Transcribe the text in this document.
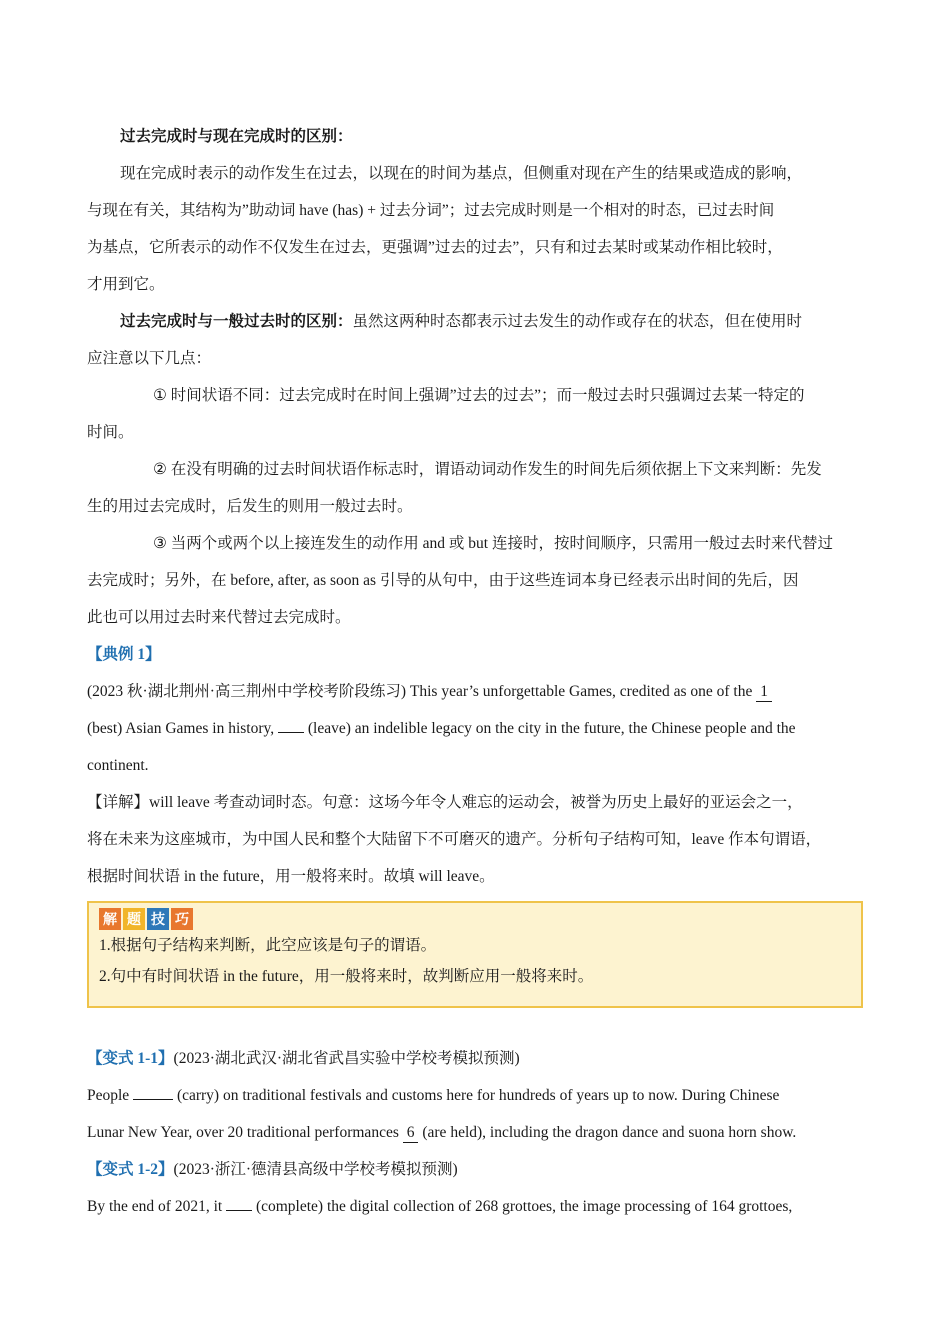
过去完成时与现在完成时的区别：

现在完成时表示的动作发生在过去，以现在的时间为基点，但侧重对现在产生的结果或造成的影响，

与现在有关，其结构为”助动词 have (has) + 过去分词”；过去完成时则是一个相对的时态，已过去时间

为基点，它所表示的动作不仅发生在过去，更强调”过去的过去”，只有和过去某时或某动作相比较时，

才用到它。

过去完成时与一般过去时的区别：虽然这两种时态都表示过去发生的动作或存在的状态，但在使用时

应注意以下几点：

① 时间状语不同：过去完成时在时间上强调”过去的过去”；而一般过去时只强调过去某一特定的

时间。

② 在没有明确的过去时间状语作标志时，谓语动词动作发生的时间先后须依据上下文来判断：先发

生的用过去完成时，后发生的则用一般过去时。

③ 当两个或两个以上接连发生的动作用 and 或 but 连接时，按时间顺序，只需用一般过去时来代替过

去完成时；另外，在 before, after, as soon as 引导的从句中，由于这些连词本身已经表示出时间的先后，因

此也可以用过去时来代替过去完成时。

【典例 1】

(2023 秋·湖北荆州·高三荆州中学校考阶段练习) This year’s unforgettable Games, credited as one of the 1

(best) Asian Games in history,  (leave) an indelible legacy on the city in the future, the Chinese people and the

continent.

【详解】will leave 考查动词时态。句意：这场今年令人难忘的运动会，被誉为历史上最好的亚运会之一，

将在未来为这座城市，为中国人民和整个大陆留下不可磨灭的遗产。分析句子结构可知，leave 作本句谓语，

根据时间状语 in the future，用一般将来时。故填 will leave。

解 题 技 巧

1.根据句子结构来判断，此空应该是句子的谓语。

2.句中有时间状语 in the future，用一般将来时，故判断应用一般将来时。

【变式 1-1】(2023·湖北武汉·湖北省武昌实验中学校考模拟预测)

People	(carry) on traditional festivals and customs here for hundreds of years up to now. During Chinese

Lunar New Year, over 20 traditional performances 6 (are held), including the dragon dance and suona horn show.

【变式 1-2】(2023·浙江·德清县高级中学校考模拟预测)

By the end of 2021, it  (complete) the digital collection of 268 grottoes, the image processing of 164 grottoes,
